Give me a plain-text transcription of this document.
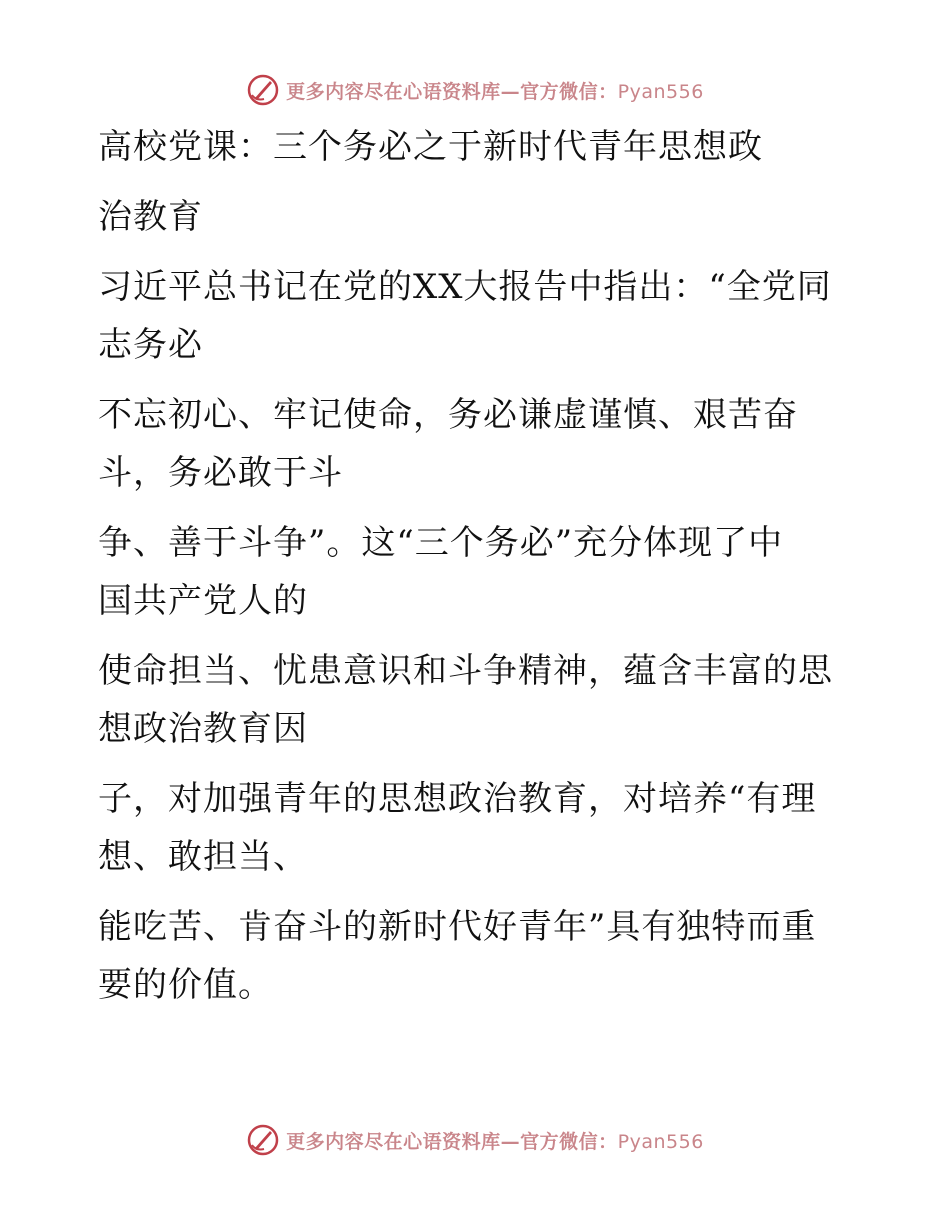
更多内容尽在心语资料库—官方微信：Pyan556
高校党课：三个务必之于新时代青年思想政
治教育
习近平总书记在党的XX大报告中指出：“全党同
志务必
不忘初心、牢记使命，务必谦虚谨慎、艰苦奋
斗，务必敢于斗
争、善于斗争”。这“三个务必”充分体现了中
国共产党人的
使命担当、忧患意识和斗争精神，蕴含丰富的思
想政治教育因
子，对加强青年的思想政治教育，对培养“有理
想、敢担当、
能吃苦、肯奋斗的新时代好青年”具有独特而重
要的价值。
更多内容尽在心语资料库—官方微信：Pyan556
